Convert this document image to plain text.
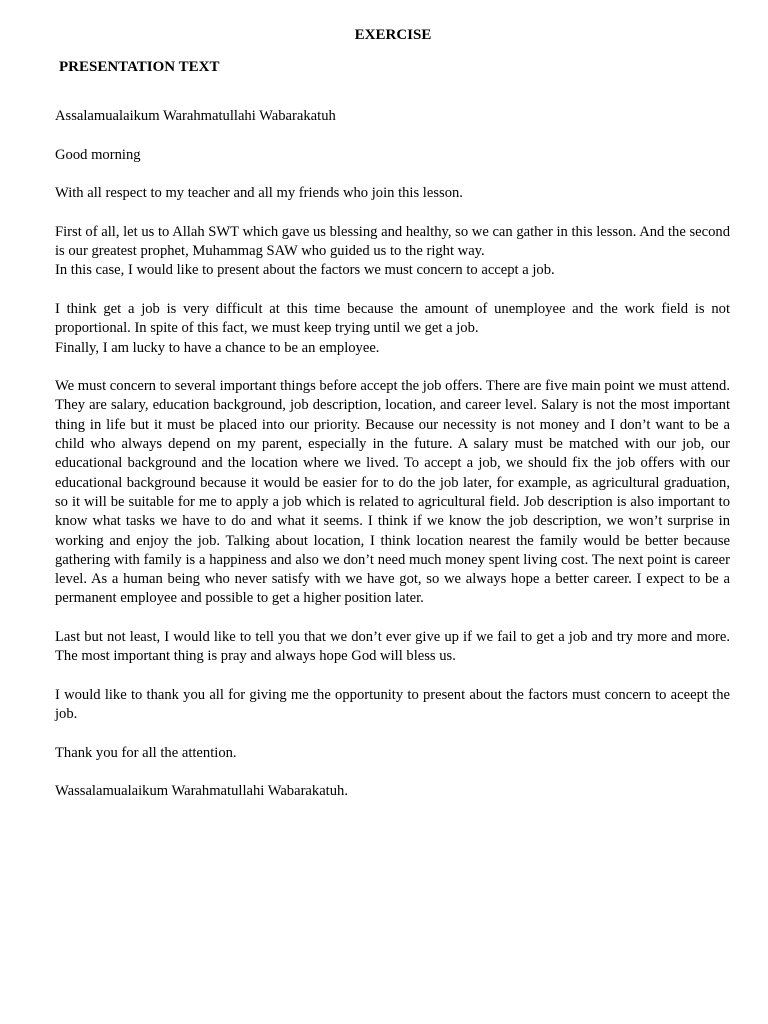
EXERCISE
PRESENTATION TEXT

Assalamualaikum Warahmatullahi Wabarakatuh

Good morning

With all respect to my teacher and all my friends who join this lesson.

First of all, let us to Allah SWT which gave us blessing and healthy, so we can gather in this lesson. And the second is our greatest prophet, Muhammag SAW who guided us to the right way.
In this case, I would like to present about the factors we must concern to accept a job.

I think get a job is very difficult at this time because the amount of unemployee and the work field is not proportional. In spite of this fact, we must keep trying until we get a job.
Finally, I am lucky to have a chance to be an employee.

We must concern to several important things before accept the job offers. There are five main point we must attend. They are salary, education background, job description, location, and career level. Salary is not the most important thing in life but it must be placed into our priority. Because our necessity is not money and I don’t want to be a child who always depend on my parent, especially in the future. A salary must be matched with our job, our educational background and the location where we lived. To accept a job, we should fix the job offers with our educational background because it would be easier for to do the job later, for example, as agricultural graduation, so it will be suitable for me to apply a job which is related to agricultural field. Job description is also important to know what tasks we have to do and what it seems. I think if we know the job description, we won’t surprise in working and enjoy the job. Talking about location, I think location nearest the family would be better because gathering with family is a happiness and also we don’t need much money spent living cost. The next point is career level. As a human being who never satisfy with we have got, so we always hope a better career. I expect to be a permanent employee and possible to get a higher position later.

Last but not least, I would like to tell you that we don’t ever give up if we fail to get a job and try more and more. The most important thing is pray and always hope God will bless us.

I would like to thank you all for giving me the opportunity to present about the factors must concern to aceept the job.

Thank you for all the attention.

Wassalamualaikum Warahmatullahi Wabarakatuh.
